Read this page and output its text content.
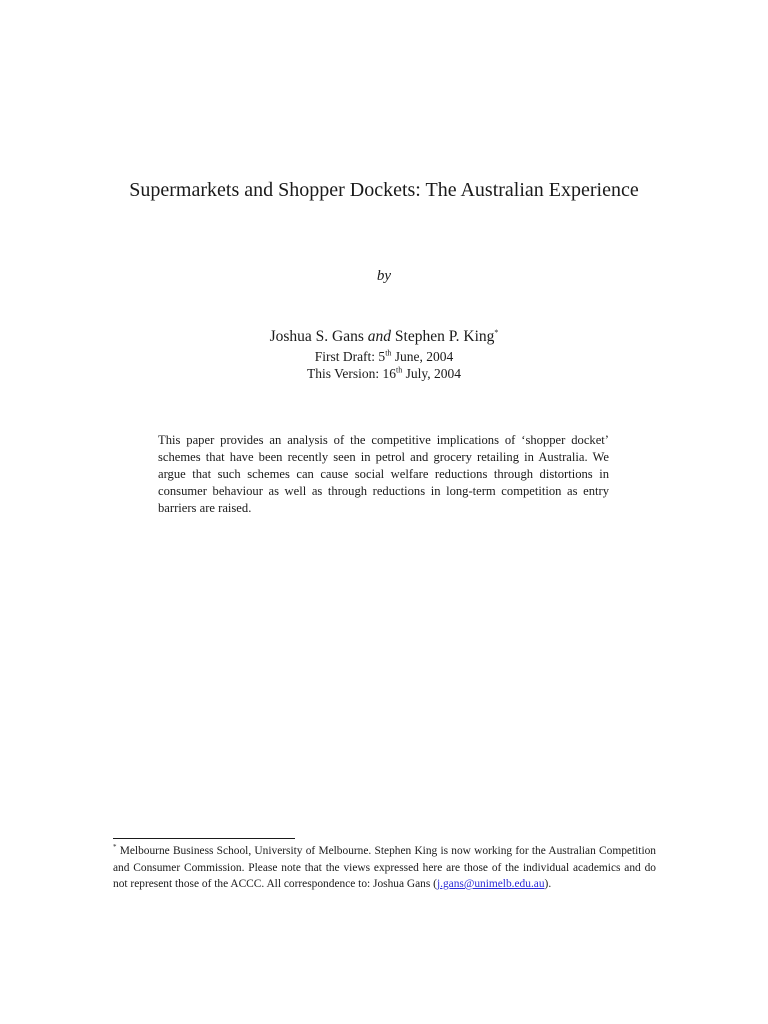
Supermarkets and Shopper Dockets: The Australian Experience
by
Joshua S. Gans and Stephen P. King*
First Draft: 5th June, 2004
This Version: 16th July, 2004
This paper provides an analysis of the competitive implications of ‘shopper docket’ schemes that have been recently seen in petrol and grocery retailing in Australia. We argue that such schemes can cause social welfare reductions through distortions in consumer behaviour as well as through reductions in long-term competition as entry barriers are raised.
* Melbourne Business School, University of Melbourne. Stephen King is now working for the Australian Competition and Consumer Commission. Please note that the views expressed here are those of the individual academics and do not represent those of the ACCC. All correspondence to: Joshua Gans (j.gans@unimelb.edu.au).
